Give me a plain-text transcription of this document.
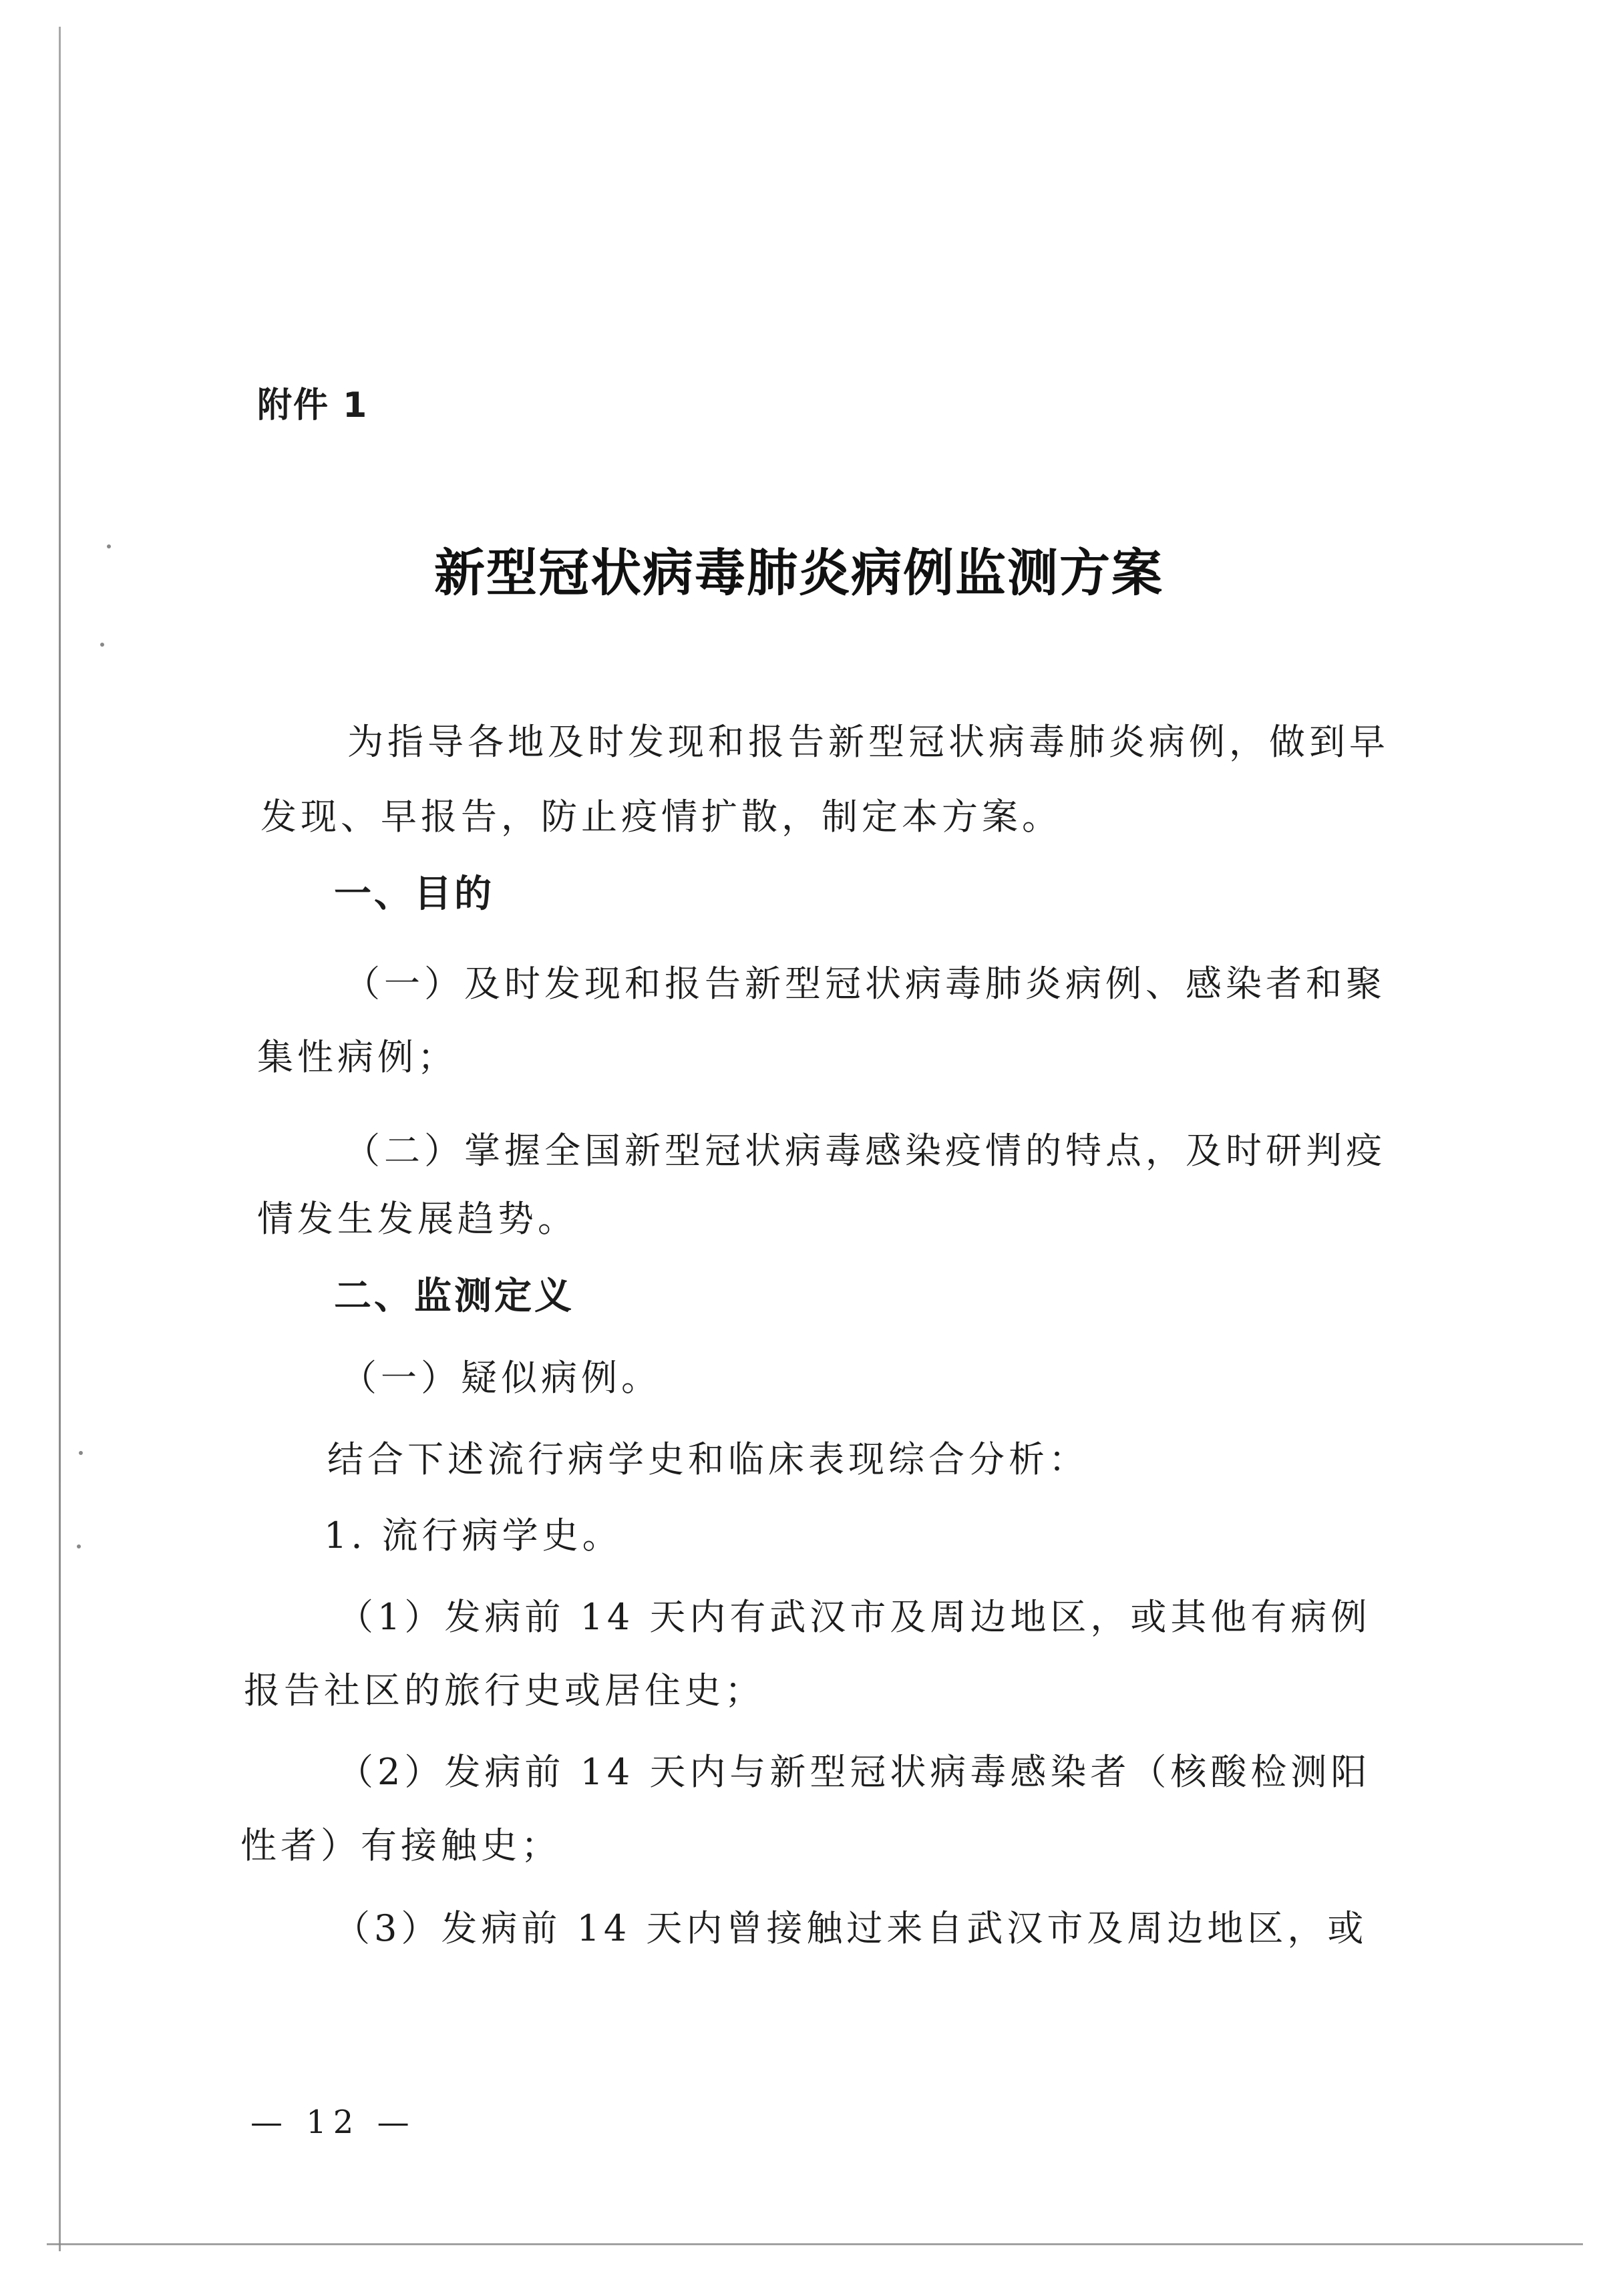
附件 1

新型冠状病毒肺炎病例监测方案

为指导各地及时发现和报告新型冠状病毒肺炎病例，做到早

发现、早报告，防止疫情扩散，制定本方案。

一、目的

（一）及时发现和报告新型冠状病毒肺炎病例、感染者和聚

集性病例；

（二）掌握全国新型冠状病毒感染疫情的特点，及时研判疫

情发生发展趋势。

二、监测定义

（一）疑似病例。

结合下述流行病学史和临床表现综合分析：

1. 流行病学史。

（1）发病前 14 天内有武汉市及周边地区，或其他有病例

报告社区的旅行史或居住史；

（2）发病前 14 天内与新型冠状病毒感染者（核酸检测阳

性者）有接触史；

（3）发病前 14 天内曾接触过来自武汉市及周边地区，或

— 12 —
